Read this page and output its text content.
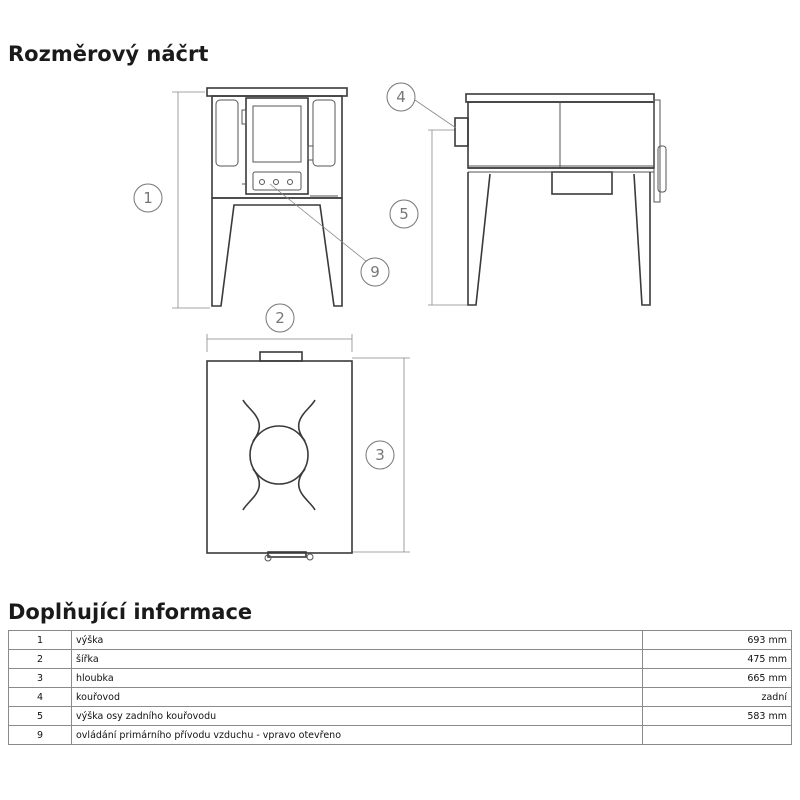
Rozměrový náčrt
1
2
3
4
5
9
Doplňující informace
1	výška	693 mm
2	šířka	475 mm
3	hloubka	665 mm
4	kouřovod	zadní
5	výška osy zadního kouřovodu	583 mm
9	ovládání primárního přívodu vzduchu - vpravo otevřeno	
